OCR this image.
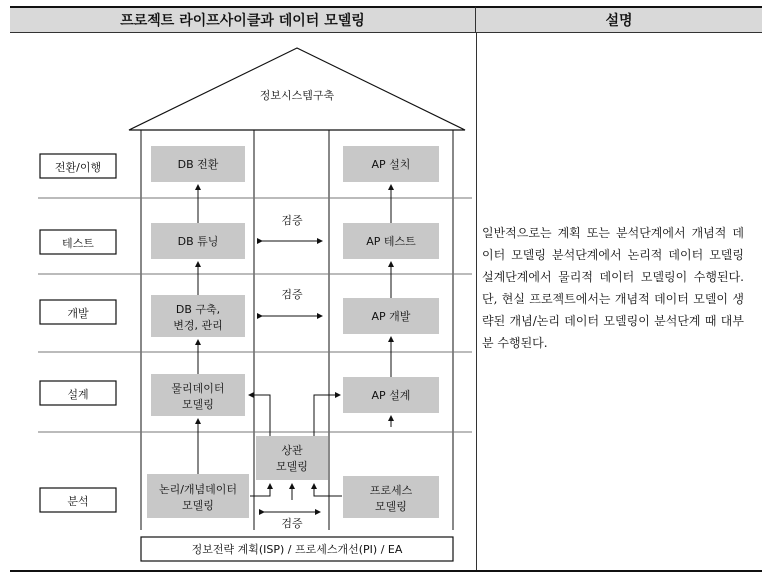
프로젝트 라이프사이클과 데이터 모델링	설명
정보시스템구축
전환/이행
테스트
개발
설계
분석
DB 전환
DB 튜닝
DB 구축,
변경, 관리
물리데이터
모델링
논리/개념데이터
모델링
AP 설치
AP 테스트
AP 개발
AP 설계
프로세스
모델링
상관
모델링
검증
검증
검증
정보전략 계획(ISP) / 프로세스개선(PI) / EA
일반적으로는 계획 또는 분석단계에서 개념적 데이터 모델링 분석단계에서 논리적 데이터 모델링 설계단계에서 물리적 데이터 모델링이 수행된다. 단, 현실 프로젝트에서는 개념적 데이터 모델이 생략된 개념/논리 데이터 모델링이 분석단계 때 대부분 수행된다.
